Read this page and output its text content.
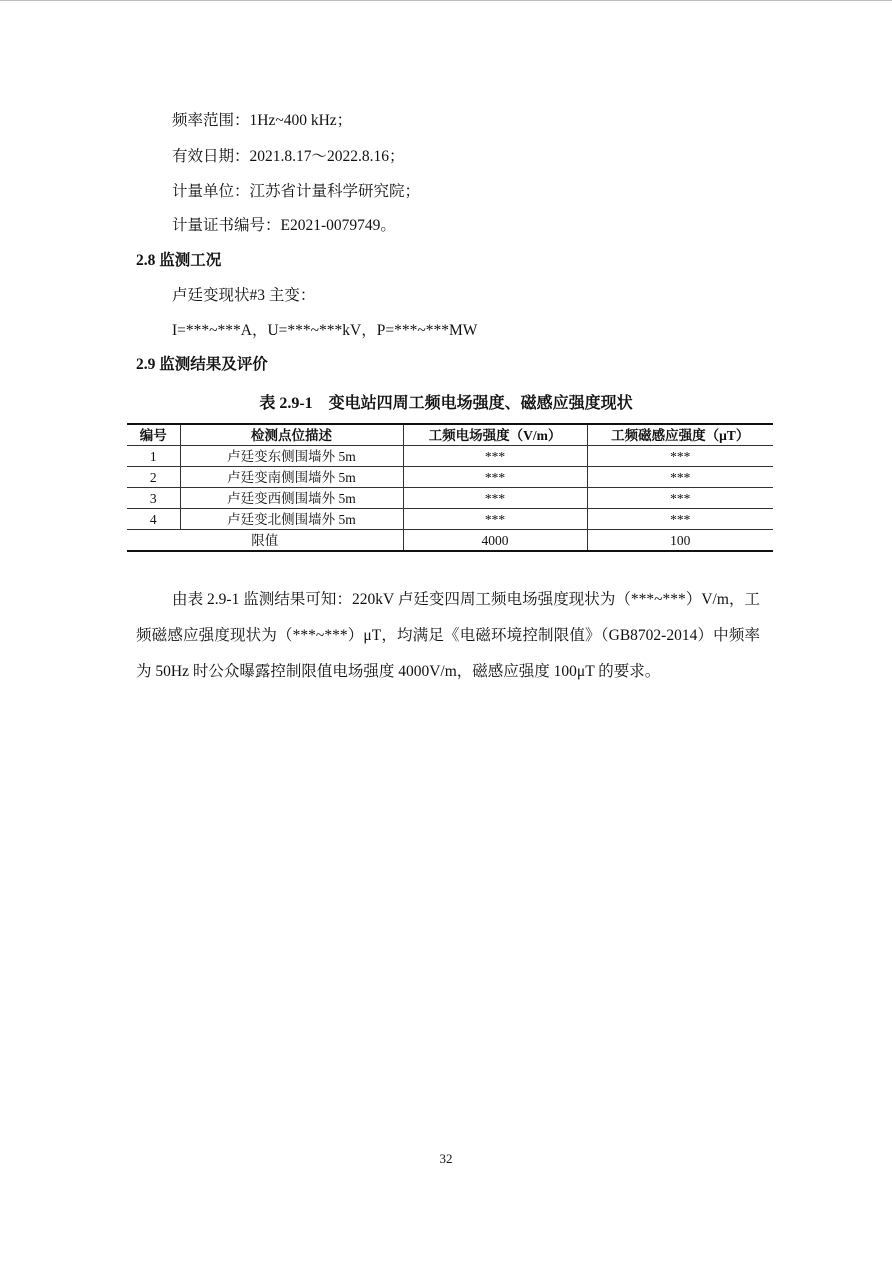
频率范围：1Hz~400 kHz；
有效日期：2021.8.17～2022.8.16；
计量单位：江苏省计量科学研究院；
计量证书编号：E2021-0079749。
2.8 监测工况
卢廷变现状#3 主变：
I=***~***A，U=***~***kV，P=***~***MW
2.9 监测结果及评价
表 2.9-1　变电站四周工频电场强度、磁感应强度现状
编号	检测点位描述	工频电场强度（V/m）	工频磁感应强度（μT）
1	卢廷变东侧围墙外 5m	***	***
2	卢廷变南侧围墙外 5m	***	***
3	卢廷变西侧围墙外 5m	***	***
4	卢廷变北侧围墙外 5m	***	***
限值		4000	100
由表 2.9-1 监测结果可知：220kV 卢廷变四周工频电场强度现状为（***~***）V/m，工频磁感应强度现状为（***~***）μT，均满足《电磁环境控制限值》（GB8702-2014）中频率为 50Hz 时公众曝露控制限值电场强度 4000V/m，磁感应强度 100μT 的要求。
32
